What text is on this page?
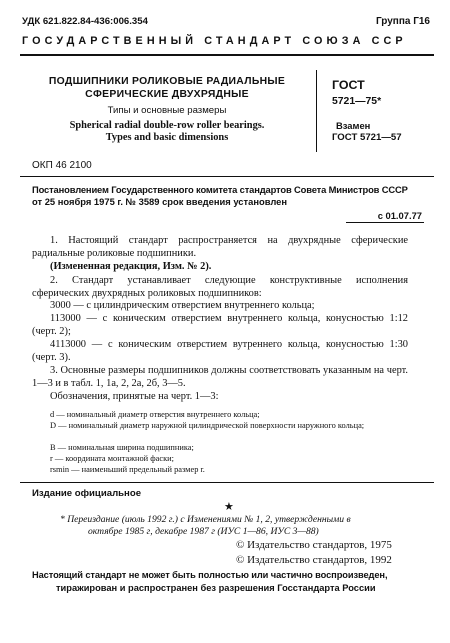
УДК 621.822.84-436:006.354	Группа Г16
ГОСУДАРСТВЕННЫЙ СТАНДАРТ СОЮЗА ССР
ПОДШИПНИКИ РОЛИКОВЫЕ РАДИАЛЬНЫЕ
СФЕРИЧЕСКИЕ ДВУХРЯДНЫЕ
Типы и основные размеры
Spherical radial double-row roller bearings.
Types and basic dimensions
ГОСТ
5721—75*
Взамен
ГОСТ 5721—57
ОКП 46 2100
Постановлением Государственного комитета стандартов Совета Министров СССР
от 25 ноября 1975 г. № 3589 срок введения установлен
с 01.07.77
1. Настоящий стандарт распространяется на двухрядные сферические радиальные роликовые подшипники.
(Измененная редакция, Изм. № 2).
2. Стандарт устанавливает следующие конструктивные исполнения сферических двухрядных роликовых подшипников:
3000 — с цилиндрическим отверстием внутреннего кольца;
113000 — с коническим отверстием внутреннего кольца, конусностью 1:12 (черт. 2);
4113000 — с коническим отверстием вутреннего кольца, конусностью 1:30 (черт. 3).
3. Основные размеры подшипников должны соответствовать указанным на черт. 1—3 и в табл. 1, 1а, 2, 2а, 2б, 3—5.
Обозначения, принятые на черт. 1—3:
d — номинальный диаметр отверстия внутреннего кольца;
D — номинальный диаметр наружной цилиндрической поверхности наружного кольца;
B — номинальная ширина подшипника;
r — координата монтажной фаски;
rsmin — наименьший предельный размер r.
Издание официальное
★
* Переиздание (июль 1992 г.) с Изменениями № 1, 2, утвержденными в
октябре 1985 г, декабре 1987 г (ИУС 1—86, ИУС 3—88)
© Издательство стандартов, 1975
© Издательство стандартов, 1992
Настоящий стандарт не может быть полностью или частично воспроизведен,
тиражирован и распространен без разрешения Госстандарта России
